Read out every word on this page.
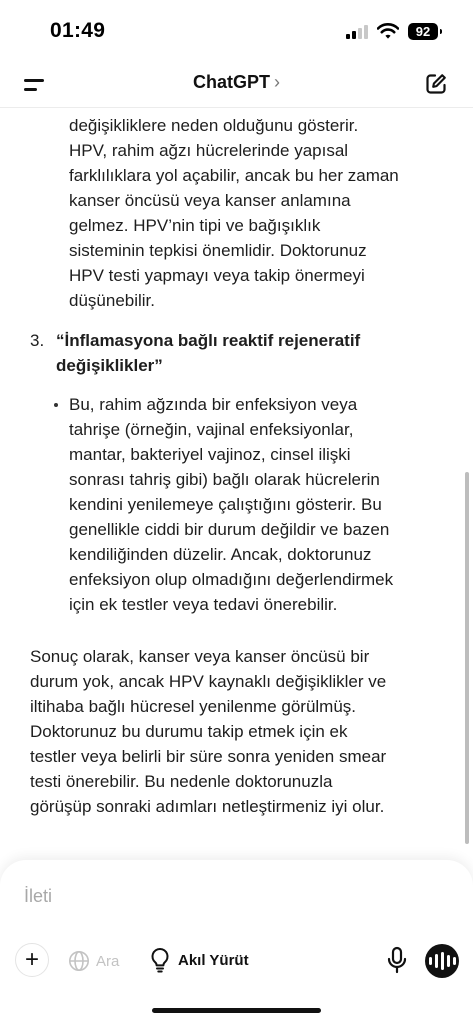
01:49	92
ChatGPT ›
değişikliklere neden olduğunu gösterir.
HPV, rahim ağzı hücrelerinde yapısal
farklılıklara yol açabilir, ancak bu her zaman
kanser öncüsü veya kanser anlamına
gelmez. HPV’nin tipi ve bağışıklık
sisteminin tepkisi önemlidir. Doktorunuz
HPV testi yapmayı veya takip önermeyi
düşünebilir.
3. “İnflamasyona bağlı reaktif rejeneratif
değişiklikler”
Bu, rahim ağzında bir enfeksiyon veya
tahrişe (örneğin, vajinal enfeksiyonlar,
mantar, bakteriyel vajinoz, cinsel ilişki
sonrası tahriş gibi) bağlı olarak hücrelerin
kendini yenilemeye çalıştığını gösterir. Bu
genellikle ciddi bir durum değildir ve bazen
kendiliğinden düzelir. Ancak, doktorunuz
enfeksiyon olup olmadığını değerlendirmek
için ek testler veya tedavi önerebilir.
Sonuç olarak, kanser veya kanser öncüsü bir
durum yok, ancak HPV kaynaklı değişiklikler ve
iltihaba bağlı hücresel yenilenme görülmüş.
Doktorunuz bu durumu takip etmek için ek
testler veya belirli bir süre sonra yeniden smear
testi önerebilir. Bu nedenle doktorunuzla
görüşüp sonraki adımları netleştirmeniz iyi olur.
İleti
+	Ara	Akıl Yürüt
